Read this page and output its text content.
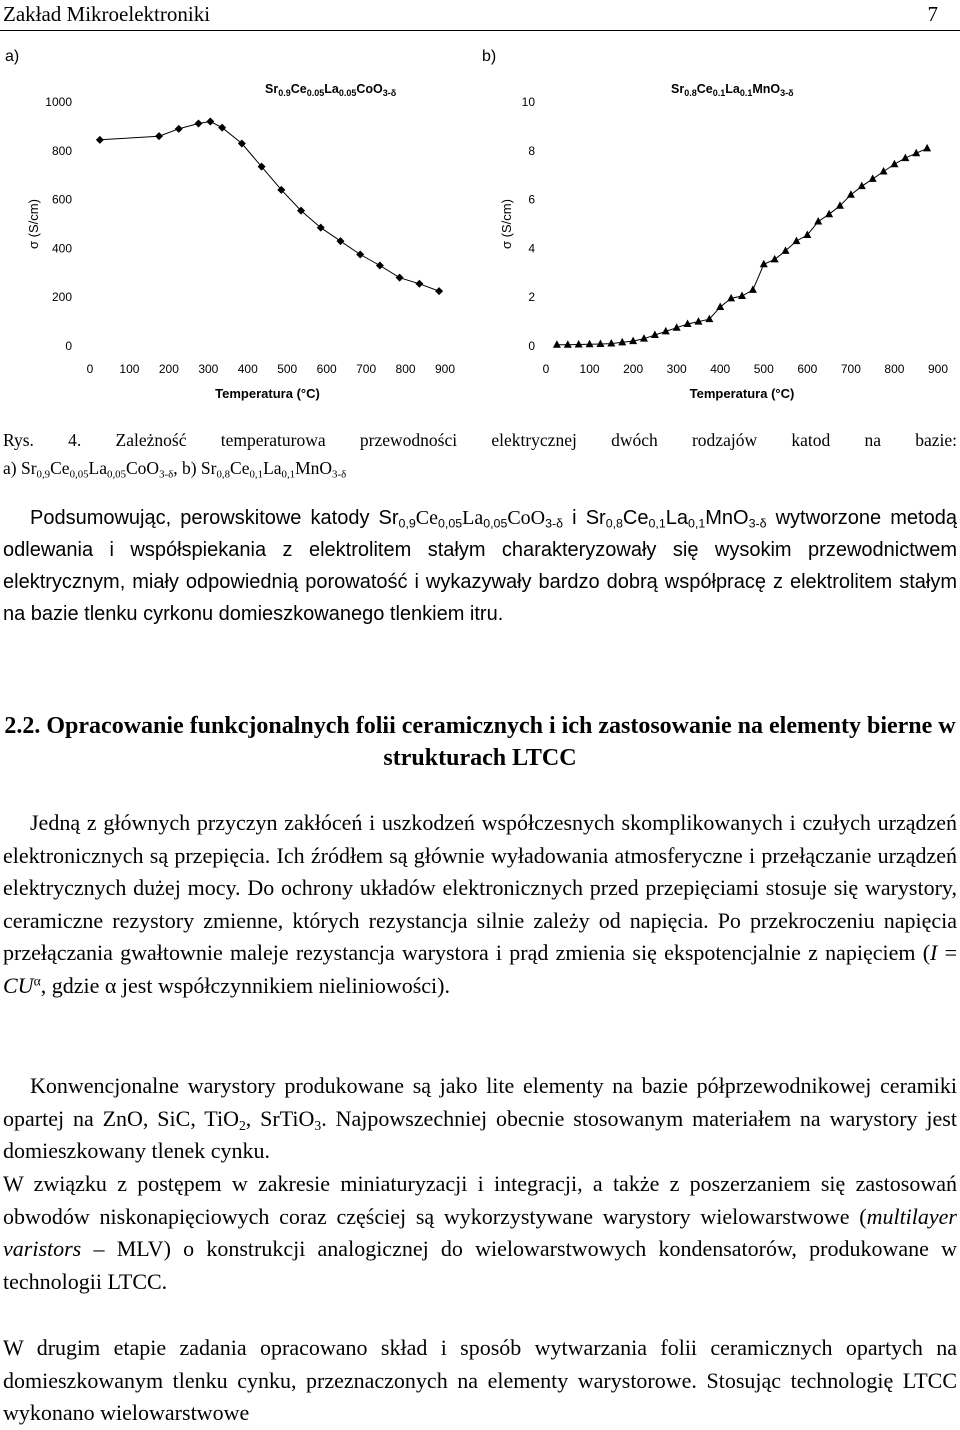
Zakład Mikroelektroniki	7
a)	b)
$Sr_{0.9}Ce_{0.05}La_{0.05}CoO_{3-\delta}$
0
200
400
600
800
1000
0 100 200 300 400 500 600 700 800 900
Temperatura (°C)
σ (S/cm)
$Sr_{0.8}Ce_{0.1}La_{0.1}MnO_{3-\delta}$
0
2
4
6
8
10
0	100 200 300 400 500 600 700 800 900
Temperatura (°C)
σ (S/cm)
Rys. 4. Zależność temperaturowa przewodności elektrycznej dwóch rodzajów katod na bazie:
a) $Sr_{0,9}Ce_{0,05}La_{0,05}CoO_{3-\delta}$, b) $Sr_{0,8}Ce_{0,1}La_{0,1}MnO_{3-\delta}$

Podsumowując, perowskitowe katody $Sr_{0,9}Ce_{0,05}La_{0,05}CoO_{3-\delta}$ i $Sr_{0,8}Ce_{0,1}La_{0,1}MnO_{3-\delta}$ wytworzone metodą odlewania i współspiekania z elektrolitem stałym charakteryzowały się wysokim przewodnictwem elektrycznym, miały odpowiednią porowatość i wykazywały bardzo dobrą współpracę z elektrolitem stałym na bazie tlenku cyrkonu domieszkowanego tlenkiem itru.

2.2. Opracowanie funkcjonalnych folii ceramicznych i ich zastosowanie na elementy bierne w strukturach LTCC

Jedną z głównych przyczyn zakłóceń i uszkodzeń współczesnych skomplikowanych i czułych urządzeń elektronicznych są przepięcia. Ich źródłem są głównie wyładowania atmosferyczne i przełączanie urządzeń elektrycznych dużej mocy. Do ochrony układów elektronicznych przed przepięciami stosuje się warystory, ceramiczne rezystory zmienne, których rezystancja silnie zależy od napięcia. Po przekroczeniu napięcia przełączania gwałtownie maleje rezystancja warystora i prąd zmienia się ekspotencjalnie z napięciem ($I = CU^\alpha$, gdzie α jest współczynnikiem nieliniowości).

Konwencjonalne warystory produkowane są jako lite elementy na bazie półprzewodnikowej ceramiki opartej na ZnO, SiC, TiO$_2$, SrTiO$_3$. Najpowszechniej obecnie stosowanym materiałem na warystory jest domieszkowany tlenek cynku.

W związku z postępem w zakresie miniaturyzacji i integracji, a także z poszerzaniem się zastosowań obwodów niskonapięciowych coraz częściej są wykorzystywane warystory wielowarstwowe (multilayer varistors – MLV) o konstrukcji analogicznej do wielowarstwowych kondensatorów, produkowane w technologii LTCC.

W drugim etapie zadania opracowano skład i sposób wytwarzania folii ceramicznych opartych na domieszkowanym tlenku cynku, przeznaczonych na elementy warystorowe. Stosując technologię LTCC wykonano wielowarstwowe
